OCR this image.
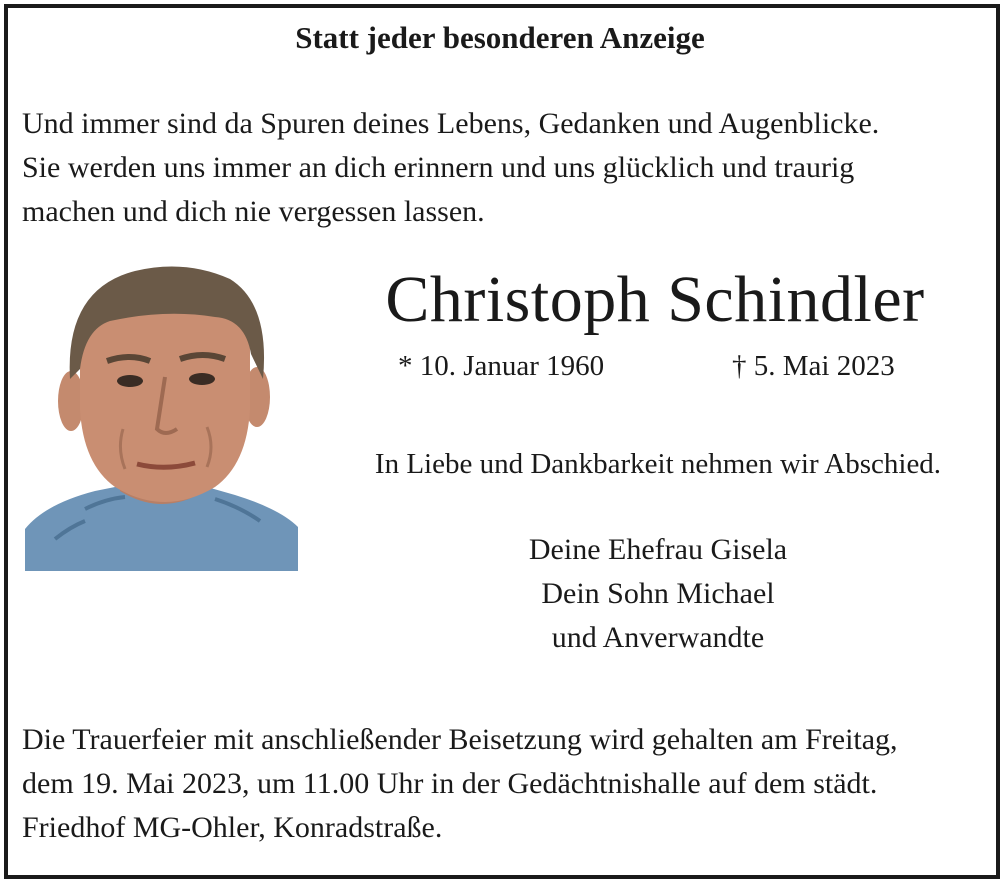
Statt jeder besonderen Anzeige

Und immer sind da Spuren deines Lebens, Gedanken und Augenblicke.

Sie werden uns immer an dich erinnern und uns glücklich und traurig

machen und dich nie vergessen lassen.

Christoph Schindler
* 10. Januar 1960	† 5. Mai 2023
In Liebe und Dankbarkeit nehmen wir Abschied.
Deine Ehefrau Gisela
Dein Sohn Michael
und Anverwandte

Die Trauerfeier mit anschließender Beisetzung wird gehalten am Freitag,

dem 19. Mai 2023, um 11.00 Uhr in der Gedächtnishalle auf dem städt.

Friedhof MG-Ohler, Konradstraße.
